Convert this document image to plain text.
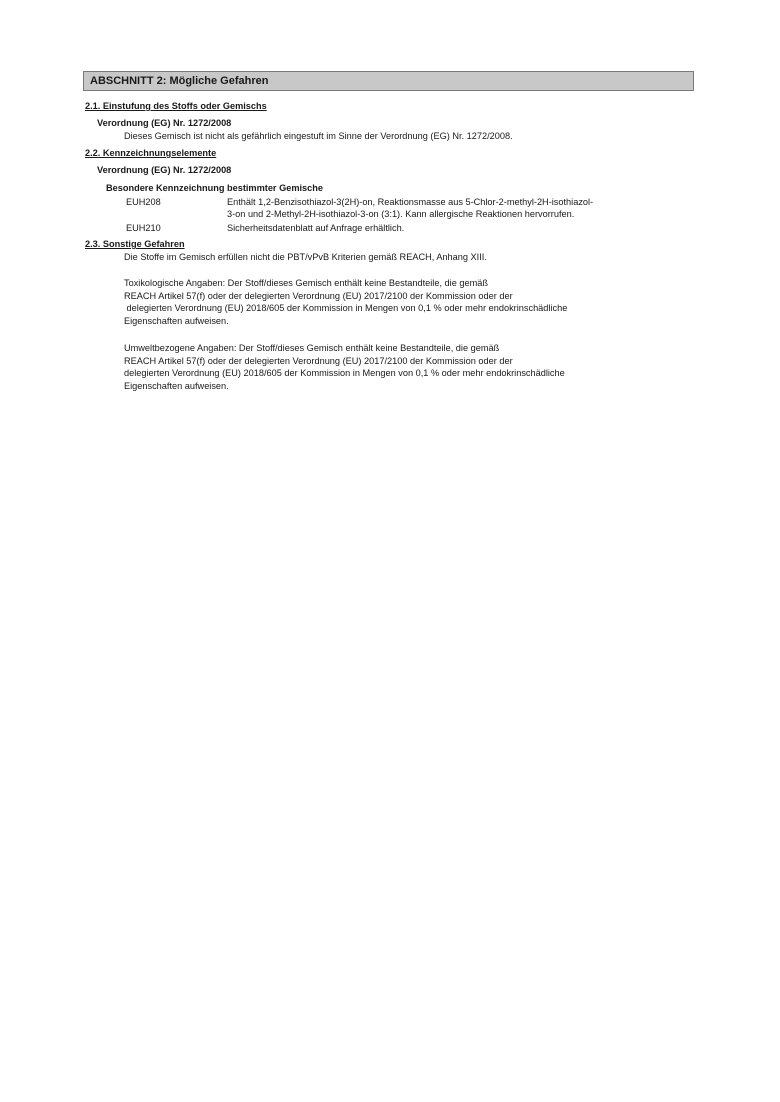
ABSCHNITT 2: Mögliche Gefahren
2.1. Einstufung des Stoffs oder Gemischs
Verordnung (EG) Nr. 1272/2008
Dieses Gemisch ist nicht als gefährlich eingestuft im Sinne der Verordnung (EG) Nr. 1272/2008.
2.2. Kennzeichnungselemente
Verordnung (EG) Nr. 1272/2008
Besondere Kennzeichnung bestimmter Gemische
EUH208	Enthält 1,2-Benzisothiazol-3(2H)-on, Reaktionsmasse aus 5-Chlor-2-methyl-2H-isothiazol-
3-on und 2-Methyl-2H-isothiazol-3-on (3:1). Kann allergische Reaktionen hervorrufen.
EUH210	Sicherheitsdatenblatt auf Anfrage erhältlich.
2.3. Sonstige Gefahren
Die Stoffe im Gemisch erfüllen nicht die PBT/vPvB Kriterien gemäß REACH, Anhang XIII.
Toxikologische Angaben: Der Stoff/dieses Gemisch enthält keine Bestandteile, die gemäß
REACH Artikel 57(f) oder der delegierten Verordnung (EU) 2017/2100 der Kommission oder der
delegierten Verordnung (EU) 2018/605 der Kommission in Mengen von 0,1 % oder mehr endokrinschädliche
Eigenschaften aufweisen.
Umweltbezogene Angaben: Der Stoff/dieses Gemisch enthält keine Bestandteile, die gemäß
REACH Artikel 57(f) oder der delegierten Verordnung (EU) 2017/2100 der Kommission oder der
delegierten Verordnung (EU) 2018/605 der Kommission in Mengen von 0,1 % oder mehr endokrinschädliche
Eigenschaften aufweisen.
